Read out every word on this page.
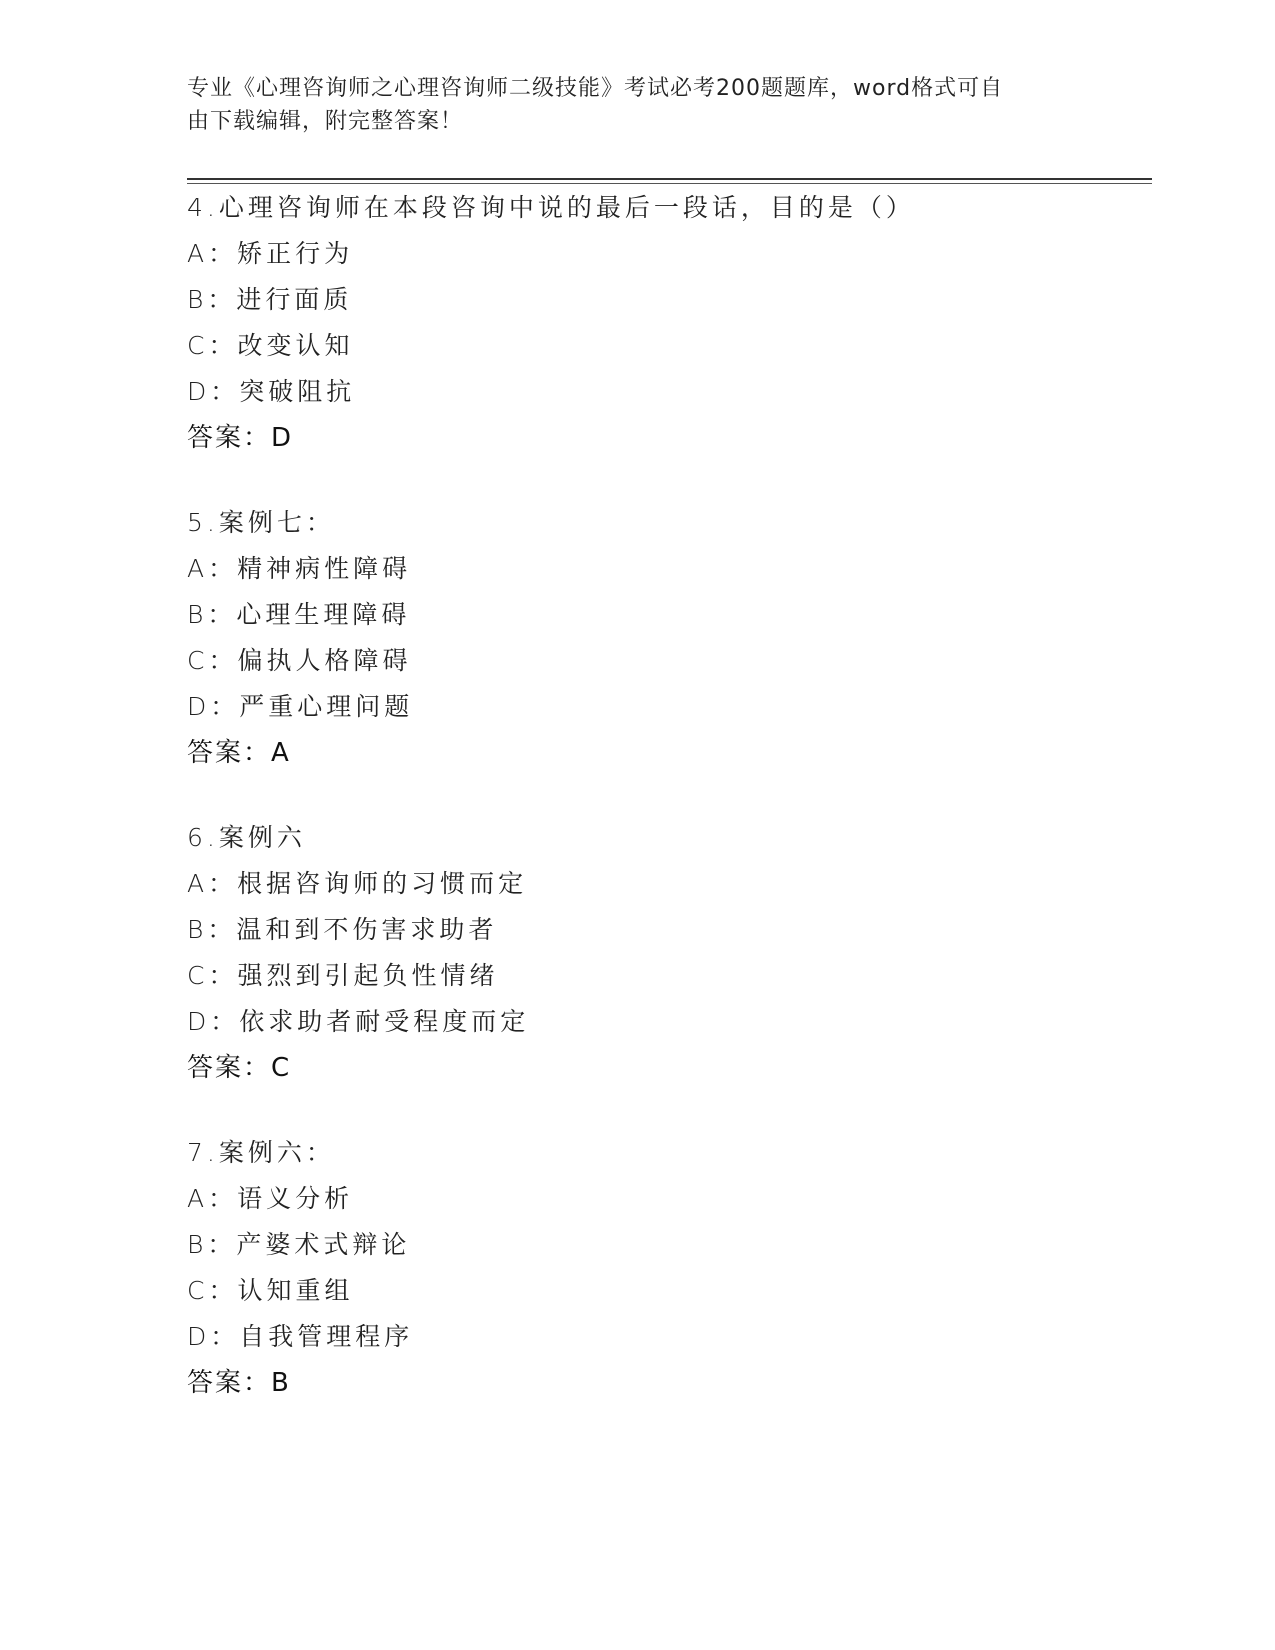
专业《心理咨询师之心理咨询师二级技能》考试必考200题题库，word格式可自
由下载编辑，附完整答案！
4.心理咨询师在本段咨询中说的最后一段话，目的是（）
A：矫正行为
B：进行面质
C：改变认知
D：突破阻抗
答案：D
5.案例七：
A：精神病性障碍
B：心理生理障碍
C：偏执人格障碍
D：严重心理问题
答案：A
6.案例六
A：根据咨询师的习惯而定
B：温和到不伤害求助者
C：强烈到引起负性情绪
D：依求助者耐受程度而定
答案：C
7.案例六：
A：语义分析
B：产婆术式辩论
C：认知重组
D：自我管理程序
答案：B
